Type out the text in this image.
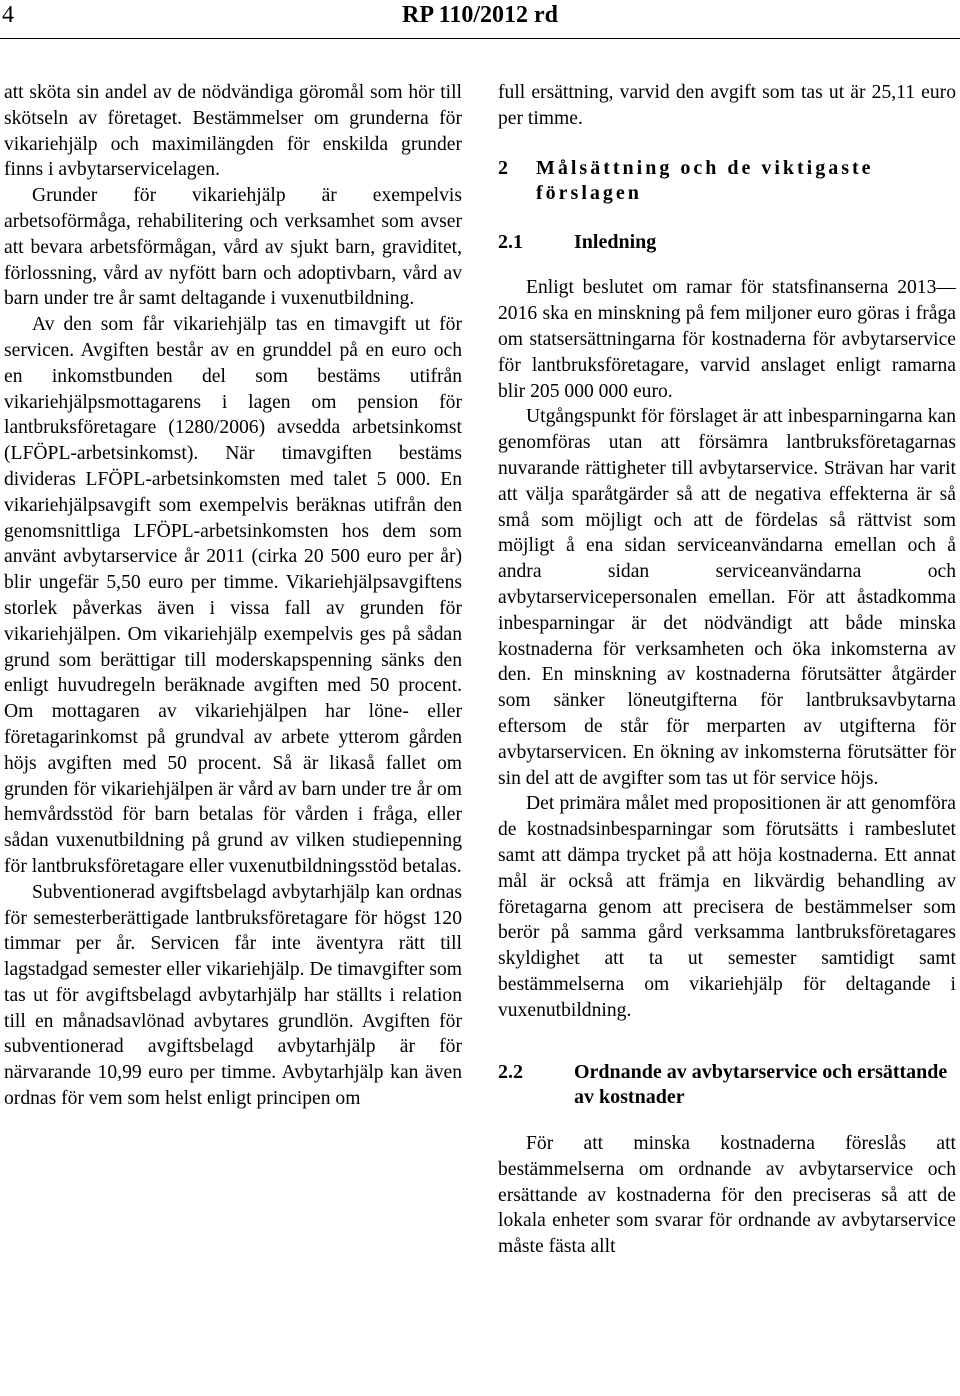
4	RP 110/2012 rd

att sköta sin andel av de nödvändiga göromål som hör till skötseln av företaget. Bestämmelser om grunderna för vikariehjälp och maximilängden för enskilda grunder finns i avbytarservicelagen.

Grunder för vikariehjälp är exempelvis arbetsoförmåga, rehabilitering och verksamhet som avser att bevara arbetsförmågan, vård av sjukt barn, graviditet, förlossning, vård av nyfött barn och adoptivbarn, vård av barn under tre år samt deltagande i vuxenutbildning.

Av den som får vikariehjälp tas en timavgift ut för servicen. Avgiften består av en grunddel på en euro och en inkomstbunden del som bestäms utifrån vikariehjälpsmottagarens i lagen om pension för lantbruksföretagare (1280/2006) avsedda arbetsinkomst (LFÖPL-arbetsinkomst). När timavgiften bestäms divideras LFÖPL-arbetsinkomsten med talet 5 000. En vikariehjälpsavgift som exempelvis beräknas utifrån den genomsnittliga LFÖPL-arbetsinkomsten hos dem som använt avbytarservice år 2011 (cirka 20 500 euro per år) blir ungefär 5,50 euro per timme. Vikariehjälpsavgiftens storlek påverkas även i vissa fall av grunden för vikariehjälpen. Om vikariehjälp exempelvis ges på sådan grund som berättigar till moderskapspenning sänks den enligt huvudregeln beräknade avgiften med 50 procent. Om mottagaren av vikariehjälpen har löne- eller företagarinkomst på grundval av arbete ytterom gården höjs avgiften med 50 procent. Så är likaså fallet om grunden för vikariehjälpen är vård av barn under tre år om hemvårdsstöd för barn betalas för vården i fråga, eller sådan vuxenutbildning på grund av vilken studiepenning för lantbruksföretagare eller vuxenutbildningsstöd betalas.

Subventionerad avgiftsbelagd avbytarhjälp kan ordnas för semesterberättigade lantbruksföretagare för högst 120 timmar per år. Servicen får inte äventyra rätt till lagstadgad semester eller vikariehjälp. De timavgifter som tas ut för avgiftsbelagd avbytarhjälp har ställts i relation till en månadsavlönad avbytares grundlön. Avgiften för subventionerad avgiftsbelagd avbytarhjälp är för närvarande 10,99 euro per timme. Avbytarhjälp kan även ordnas för vem som helst enligt principen om

full ersättning, varvid den avgift som tas ut är 25,11 euro per timme.

2	Målsättning och de viktigaste förslagen
2.1	Inledning

Enligt beslutet om ramar för statsfinanserna 2013—2016 ska en minskning på fem miljoner euro göras i fråga om statsersättningarna för kostnaderna för avbytarservice för lantbruksföretagare, varvid anslaget enligt ramarna blir 205 000 000 euro.

Utgångspunkt för förslaget är att inbesparningarna kan genomföras utan att försämra lantbruksföretagarnas nuvarande rättigheter till avbytarservice. Strävan har varit att välja sparåtgärder så att de negativa effekterna är så små som möjligt och att de fördelas så rättvist som möjligt å ena sidan serviceanvändarna emellan och å andra sidan serviceanvändarna och avbytarservicepersonalen emellan. För att åstadkomma inbesparningar är det nödvändigt att både minska kostnaderna för verksamheten och öka inkomsterna av den. En minskning av kostnaderna förutsätter åtgärder som sänker löneutgifterna för lantbruksavbytarna eftersom de står för merparten av utgifterna för avbytarservicen. En ökning av inkomsterna förutsätter för sin del att de avgifter som tas ut för service höjs.

Det primära målet med propositionen är att genomföra de kostnadsinbesparningar som förutsätts i rambeslutet samt att dämpa trycket på att höja kostnaderna. Ett annat mål är också att främja en likvärdig behandling av företagarna genom att precisera de bestämmelser som berör på samma gård verksamma lantbruksföretagares skyldighet att ta ut semester samtidigt samt bestämmelserna om vikariehjälp för deltagande i vuxenutbildning.

2.2	Ordnande av avbytarservice och ersättande av kostnader

För att minska kostnaderna föreslås att bestämmelserna om ordnande av avbytarservice och ersättande av kostnaderna för den preciseras så att de lokala enheter som svarar för ordnande av avbytarservice måste fästa allt
